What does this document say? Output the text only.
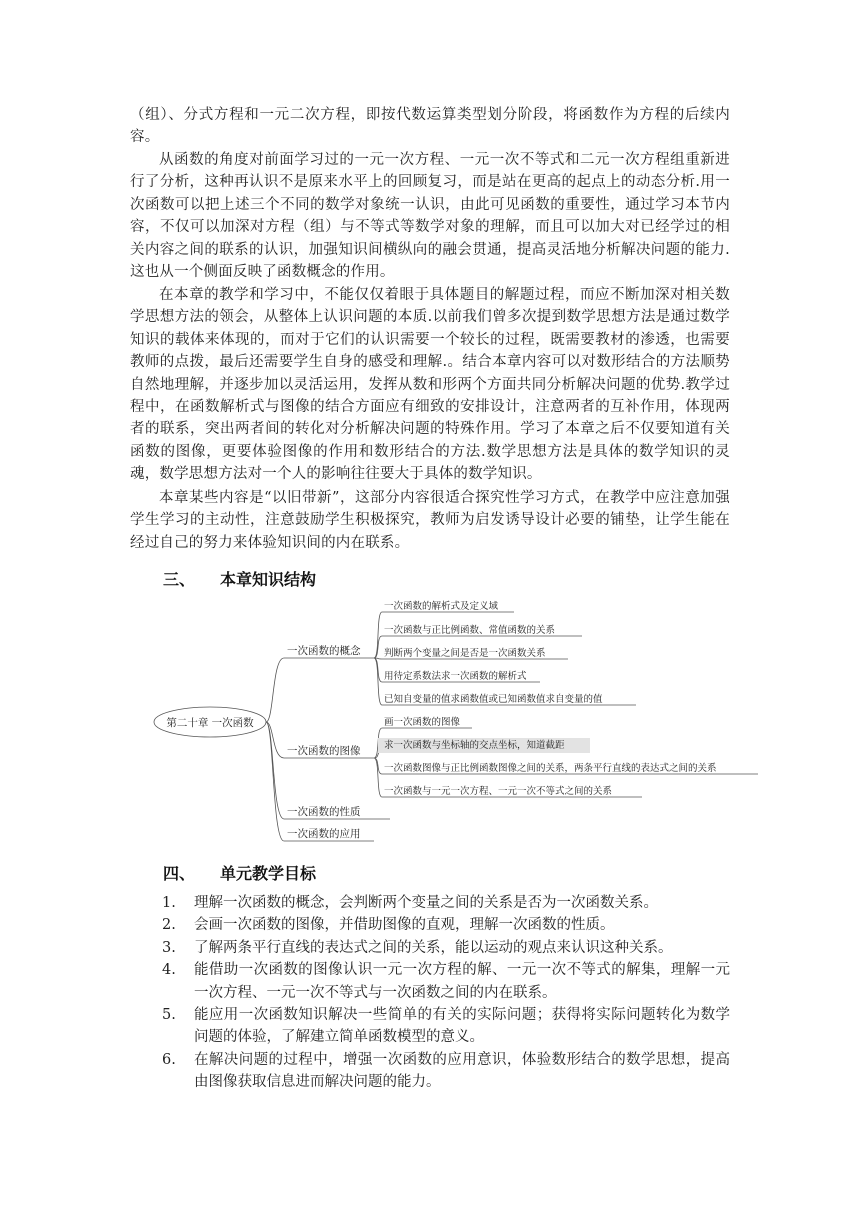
（组）、分式方程和一元二次方程，即按代数运算类型划分阶段，将函数作为方程的后续内容。

从函数的角度对前面学习过的一元一次方程、一元一次不等式和二元一次方程组重新进行了分析，这种再认识不是原来水平上的回顾复习，而是站在更高的起点上的动态分析.用一次函数可以把上述三个不同的数学对象统一认识，由此可见函数的重要性，通过学习本节内容，不仅可以加深对方程（组）与不等式等数学对象的理解，而且可以加大对已经学过的相关内容之间的联系的认识，加强知识间横纵向的融会贯通，提高灵活地分析解决问题的能力.这也从一个侧面反映了函数概念的作用。

在本章的教学和学习中，不能仅仅着眼于具体题目的解题过程，而应不断加深对相关数学思想方法的领会，从整体上认识问题的本质.以前我们曾多次提到数学思想方法是通过数学知识的载体来体现的，而对于它们的认识需要一个较长的过程，既需要教材的渗透，也需要教师的点拨，最后还需要学生自身的感受和理解.。结合本章内容可以对数形结合的方法顺势自然地理解，并逐步加以灵活运用，发挥从数和形两个方面共同分析解决问题的优势.教学过程中，在函数解析式与图像的结合方面应有细致的安排设计，注意两者的互补作用，体现两者的联系，突出两者间的转化对分析解决问题的特殊作用。学习了本章之后不仅要知道有关函数的图像，更要体验图像的作用和数形结合的方法.数学思想方法是具体的数学知识的灵魂，数学思想方法对一个人的影响往往要大于具体的数学知识。

本章某些内容是“以旧带新”，这部分内容很适合探究性学习方式，在教学中应注意加强学生学习的主动性，注意鼓励学生积极探究，教师为启发诱导设计必要的铺垫，让学生能在经过自己的努力来体验知识间的内在联系。

三、 本章知识结构
第二十章 一次函数
一次函数的概念
一次函数的图像
一次函数的性质
一次函数的应用
一次函数的解析式及定义域
一次函数与正比例函数、常值函数的关系
判断两个变量之间是否是一次函数关系
用待定系数法求一次函数的解析式
已知自变量的值求函数值或已知函数值求自变量的值
画一次函数的图像
求一次函数与坐标轴的交点坐标，知道截距
一次函数图像与正比例函数图像之间的关系，两条平行直线的表达式之间的关系
一次函数与一元一次方程、一元一次不等式之间的关系
四、 单元教学目标
1. 理解一次函数的概念，会判断两个变量之间的关系是否为一次函数关系。
2. 会画一次函数的图像，并借助图像的直观，理解一次函数的性质。
3. 了解两条平行直线的表达式之间的关系，能以运动的观点来认识这种关系。
4. 能借助一次函数的图像认识一元一次方程的解、一元一次不等式的解集，理解一元一次方程、一元一次不等式与一次函数之间的内在联系。
5. 能应用一次函数知识解决一些简单的有关的实际问题；获得将实际问题转化为数学问题的体验，了解建立简单函数模型的意义。
6. 在解决问题的过程中，增强一次函数的应用意识，体验数形结合的数学思想，提高由图像获取信息进而解决问题的能力。
